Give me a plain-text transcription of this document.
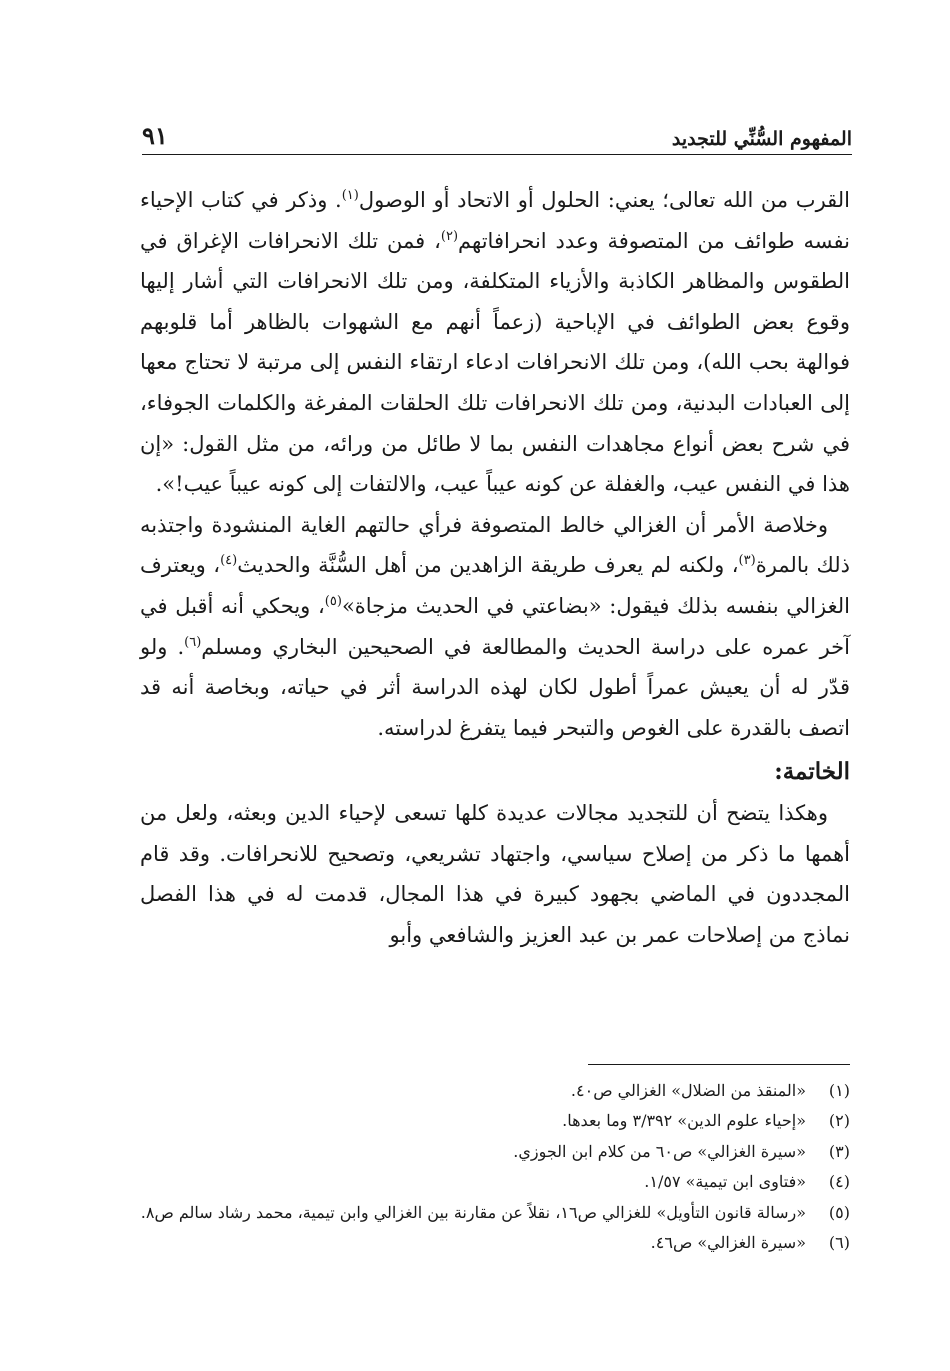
المفهوم السُّنِّي للتجديد
٩١

القرب من الله تعالى؛ يعني: الحلول أو الاتحاد أو الوصول$^{(١)}$. وذكر في كتاب الإحياء نفسه طوائف من المتصوفة وعدد انحرافاتهم$^{(٢)}$، فمن تلك الانحرافات الإغراق في الطقوس والمظاهر الكاذبة والأزياء المتكلفة، ومن تلك الانحرافات التي أشار إليها وقوع بعض الطوائف في الإباحية (زعماً أنهم مع الشهوات بالظاهر أما قلوبهم فوالهة بحب الله)، ومن تلك الانحرافات ادعاء ارتقاء النفس إلى مرتبة لا تحتاج معها إلى العبادات البدنية، ومن تلك الانحرافات تلك الحلقات المفرغة والكلمات الجوفاء، في شرح بعض أنواع مجاهدات النفس بما لا طائل من ورائه، من مثل القول: «إن هذا في النفس عيب، والغفلة عن كونه عيباً عيب، والالتفات إلى كونه عيباً عيب!».

وخلاصة الأمر أن الغزالي خالط المتصوفة فرأي حالتهم الغاية المنشودة واجتذبه ذلك بالمرة$^{(٣)}$، ولكنه لم يعرف طريقة الزاهدين من أهل السُّنَّة والحديث$^{(٤)}$، ويعترف الغزالي بنفسه بذلك فيقول: «بضاعتي في الحديث مزجاة»$^{(٥)}$، ويحكي أنه أقبل في آخر عمره على دراسة الحديث والمطالعة في الصحيحين البخاري ومسلم$^{(٦)}$. ولو قدّر له أن يعيش عمراً أطول لكان لهذه الدراسة أثر في حياته، وبخاصة أنه قد اتصف بالقدرة على الغوص والتبحر فيما يتفرغ لدراسته.

الخاتمة:

وهكذا يتضح أن للتجديد مجالات عديدة كلها تسعى لإحياء الدين وبعثه، ولعل من أهمها ما ذكر من إصلاح سياسي، واجتهاد تشريعي، وتصحيح للانحرافات. وقد قام المجددون في الماضي بجهود كبيرة في هذا المجال، قدمت له في هذا الفصل نماذج من إصلاحات عمر بن عبد العزيز والشافعي وأبو

(١)
«المنقذ من الضلال» الغزالي ص٤٠.
(٢)
«إحياء علوم الدين» ٣/٣٩٢ وما بعدها.
(٣)
«سيرة الغزالي» ص٦٠ من كلام ابن الجوزي.
(٤)
«فتاوى ابن تيمية» ١/٥٧.
(٥)
«رسالة قانون التأويل» للغزالي ص١٦، نقلاً عن مقارنة بين الغزالي وابن تيمية، محمد رشاد سالم ص٨.
(٦)
«سيرة الغزالي» ص٤٦.
